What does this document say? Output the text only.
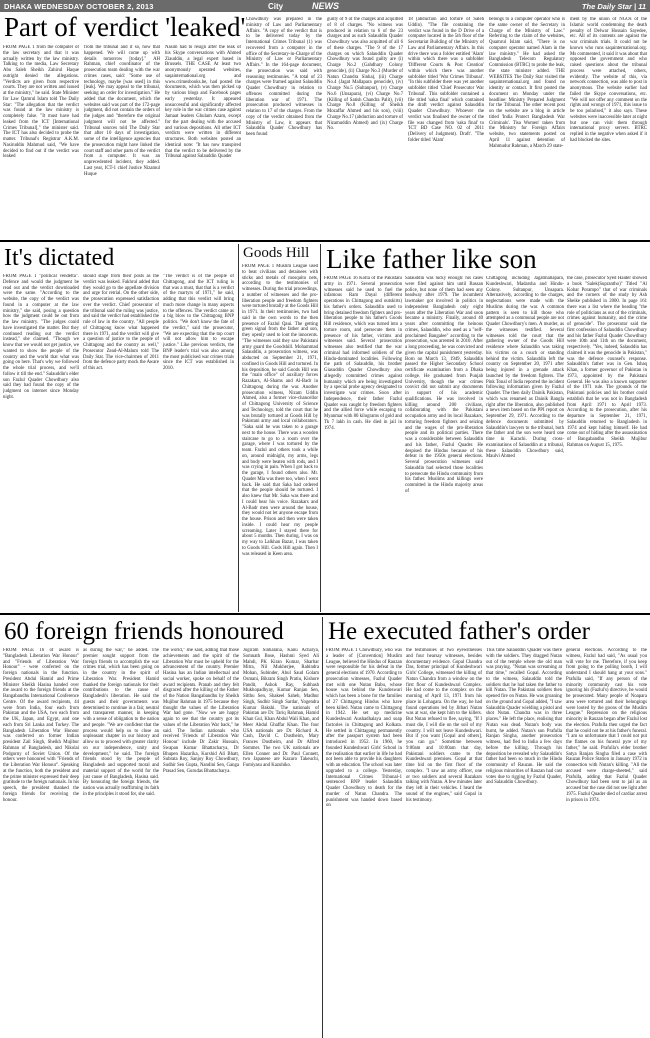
DHAKA WEDNESDAY OCTOBER 2, 2013	City	NEWS	The Daily Star | 11
Part of verdict 'leaked'
FROM PAGE 1 from the computer of the law secretary and that it was actually written by the law ministry. Talking to the media, Law Secretary Abu Saleh Sheikh Zahirul Haque outright denied the allegations. "Verdicts are given from respective courts. They are not written and issued at the ministry," he said. State Minister for Law Qamrul Islam told The Daily Star: "The allegation that the verdict was found at the law ministry is completely false. "It must have had leaked from the ICT [International Crimes Tribunal]," the minister said. The ICT has also decided to probe the matter. Tribunal's Registrar A.K.M. Nasiruddin Mahmud said, "We have decided to find out if the verdict was leaked
from the tribunal and if so, how that happened. We will come up with details tomorrow [today]." AH Rahman, chief coordinator of the prosecution team dealing with the war crimes cases, said: "Some use of technology, maybe [was used] in this [leak]. We may appeal to the tribunal, seeking an order for investigation." He added that the document, which the websites said was part of the 172-page judgment, did not contain the orders of the judges and "therefore the original judgment will not be affected." Tribunal sources told The Daily Star that after 10 days of investigation, some of the intelligence agencies that the prosecution might have linked the court staff and other parts of the verdict from a computer. It was an unprecedented incident, they added. Last year, ICT-1 chief Justice Nizamul Huque
Nasim had to resign after the leak of his Skype conversations with Ahmed Ziauddin, a legal expert based in Brussels. THE CASE At least two anonymously operated websites, saqainternational.org and www.crimesbooks.be, had posted the documents, which was then picked up by various blogs and Facebook pages early yesterday. It appeared unsuccessful and significantly affected key role in the war crimes case against Jamaat leaders Ghulam Azam, except for the part dealing with the accused and various depositions. All other ICT verdicts were written in different structures. Both websites posted an identical note: "It has now transpired that the verdict to be delivered by the Tribunal against Salauddin Quader
Chowdhury was prepared in the ministry of Law and Parliamentary Affairs. "A copy of the verdict that is to be delivered today by the International Crimes Tribunal (1) was recovered from a computer in the office of the Secretary-in-Charge of the Ministry of Law or Parliamentary Affairs." In the 164-page document, the prosecution was said with reasoning testimonies. "A total of 23 charges were framed against Salauddin Quader Chowdhury in relation to offences committed during the liberation war of 1971. The prosecution produced witnesses in relation to 17 of the charges. From the copy of the verdict obtained from the Ministry of Law, it appears that Salauddin Quader Chowdhury has been found
guilty of 9 of the charges and acquitted of 8 of charges. "No witness was produced in relation to 6 of the 23 charges and as such Salauddin Quader Chowdhury was also acquitted of all 6 of these charges. "The 9 of the 17 charges on which Salauddin Quader Chowdhury was found guilty are (i) Charge No.2 (Gahdhary Colony genocide), (ii) Charge No.3 (Murder of Natun Chandra Sinha), (iii) Charge No.4 (Jagat Mallapara genocide), (iv) Charge No.5 (Sultanpur), (v) Charge No.6 (Unsapara), (vi) Charge No.7 (Killing of Satish Chandra Palit), (vii) Charge No.8 (Killing of Sheikh Mozaffar Ahmed and his son), (viii) Charge No.17 (abduction and torture of Nizamuddin Ahmed) and (ix) Charge No.
18 (abduction and torture of Saleh Uddin). "The file containing the verdict was found in the D Drive of a computer located in the 5th floor of the Secretariat Building of the Ministry of Law and Parliamentary Affairs. In this drive there was a folder entitled 'Alam' within which there was a subfolder 'Different Courts & Post Creation' within which there was another subfolder titled 'War Crimes Tribunal'. "In this subfolder there was yet another subfolder titled 'Chief Prosecutor War Tribunal'. This subfolder contained a file titled 'saka final' which contained the draft verdict against Salauddin Quader Chowdhury. Whoever the verdict was finalised the owner of the file was changed from 'saka final' to 'ICT BD Case NO. 02 of 2011 (Delivery of Judgment). Draft'. "The folder titled 'Alam'
belongs to a computer operator who is the same owner of the Secretary in Charge of the Ministry of Law." Referring to the claim of the websites, Quamrul Islam said, "There is no computer operator named Alam in the law ministry." He had asked the Bangladesh Telecom Regulatory Commission (BTRC) to probe the leak, the state minister added. THE WEBSITES The Daily Star visited the saqainternational.org and found no identity or contact. It first posted the document on Monday under the headline: Ministry Prepared Judgment for the Tribunal. The other recent post on the website are a blog in article titled 'India Protect Bangladesh War Criminals'. Tisa Women' taken from the Ministry for Foreign Affairs website, two statements posted on April 11 against detention of Mahmudur Rahman, a March 29 state-
ment by the union of NGOs of the Islamic world condemning the death penalty of Delwar Hossain Sayedee, etc. All of its contents are against the war criminals trials. It could not be known who runs saqainternational.org. Ms commented, it said it was about that opposed the government and who raised questions about the tribunal process were attached, others, evidently. The website of this, via network connection, was able to post in anonymous. The website earlier had failed the Skype conversations, etc. "We will not offer any comment on the rights and wrongs of 1971, this issue to be too polarised," it also says. These websites were inaccessible later at night but one can visit them through international proxy servers. BTRC replied in the negative when asked if it had blocked the sites.
It's dictated
FROM PAGE 1 "political vendetta". Defence and would the judgment be read out and the verdict downloaded were the same. "According to the website, the copy of the verdict was found in a computer at the law ministry," she said, posing a question how the judgment could be out from the law ministry. "The judges could have investigated the matter. But they continued reading out the verdict instead," she claimed. "Though we know that we would not get justice, we wanted to show the people of the country and the world that what was going on here. That's why we followed the whole trial process, and we'll follow it till the end." Salauddin's elder son Fazlul Quader Chowdhury also said they had found the copy of the judgment on internet since Monday night.
should stage from their posts as the verdict was leaked. Fakhrul added that they would go to the appellate division and urge for retrial. On the other side, the prosecution expressed satisfaction over the verdict. Chief prosecutor of the tribunal said the ruling was justice, and said the verdict had established the rule of law in the country. "All people of Chittagong know what happened there in 1971, and the verdict will give a question of justice to the people of Chittagong and the country as well," Prosecutor Zead-Al-Malum told The Daily Star. The vice-chairmen of 2011 from the defence party mock the Aware of this act.
"The verdict is of the people of Chittagong, and the ICT ruling is that was a must, that that is a verdict of the martyrs of 1971," he said, adding that this verdict will bring much more change in many aspects to the offences. The verdict came as a big blow to the Chittagong BNP politics. "We don't know the fate of the verdict," said the prosecutor, "We are expecting that the top court will not allow him to escape justice." Like previous verdicts, the BNP leader's trial was also among the most publicised war crimes trials since the ICT was established in 2010.
Goods Hill
FROM PAGE 1 Muslim League used to beat civilians and detainees with sticks and metals of mosquito nets, according to the testimonies of witnesses. During the trial proceedings, a number of witnesses and the pro-liberation people and freedom fighters were tortured brutally at the Goods Hill in 1971. In their testimonies, two had said in the own words to the then presence of Fazlul Qaui. The getting green signal from the father and son, they openly used to loot the innocents. "The witnesses said they saw Pakistani army guard the Goodshill. Mohammad Salauddin, a prosecution witness, was abducted on September 21, 1971, confined in Goods Hill and tortured. In his deposition, he said Goods Hill was the "main office" of auxiliary forces Razakars, Al-Shams and Al-Badr in Chittagong during the war. Another prosecution witness, Nizam Uddin Ahmed, also a former vice-chancellor of Chittagong University of Science and Technology, told the court that he was brutally tortured at Goods Hill by Pakistani army and local collaborators. "Saka said he was taken to a garage next to the house. There was a wooden staircase to go to a room over the garage, where I was tortured by the team. Fazlul and others took a while on, around midnight, my arms, legs and body were beaten with rods, and I was crying in pain. When I got back to the garage, I found others also. Mr. Quader Mia was there too, when I went back. He said that Saka had ordered that the people should be tortured. I also knew that Mr. Saka was there and I could hear his voice. Razakars and Al-Badr men were around the house, they would not let anyone escape from the house. Prison and then were taken inside. I could hear my people screaming. Later I stayed there for about 5 months. Then during, I was on my way to Lalkhan Bazar, I was taken to Goods Hill. Gods Hill again. Then I was released in Keen area.
Like father like son
FROM PAGE 16 Kotla of the Pakistani army in 1971. Several prosecution witnesses said he used to fuel the infamous Ram Dayal (different operations in Chittagong and outskirts) his father's orders. Salauddin used to bring detained freedom fighters and pro-liberation people to his father's Goods Hill residence, which was turned into a torture room, and persecute them in presence of his father, victims and witnesses said. Several prosecution witnesses also testified that the war criminal had informed soldiers of the Hindu-dominated localities. Following the path of Salauddin, his brother Giasuddin Quader Chowdhury also allegedly committed crimes against humanity which are being investigated by a special probe agency designated to investigate war crimes. Soon after Independence, their father Fazlul Quader was caught by freedom fighters and the allied force while escaping to Myanmar with 80 kilograms of gold and Tk 7 lakh in cash. He died in jail in 1974.
Salauddin was lucky enough: his cases were filed against him until Bassan police, but none of them had seen any headway after 1979. The incumbent lawmaker got involved in politics in independent Bangladesh only eight years after the Liberation War and soon became a ministry. Finally, around 40 years after committing the heinous crimes, Salauddin, who used as a "self-proclaimed Bangalee" according to the prosecution, was arrested in 2010. After a long proceeding, he was convicted and given the capital punishment yesterday. Born on March 13, 1949, Salauddin passed the Higher Secondary School certificate examination from a Dhaka college. He graduated from Punjab University, though the war crimes convict did not submit any documents in support of his academic qualifications. He was involved in killing around 200 civilians, collaborating with the Pakistani occupation army and its local Razakars, torturing freedom fighters and seizing and the wages of the pro-liberation people and its political parties. There was a considerable between Salauddin and his father, Fazlul Quader. He despised the Hindus because of his defeat in the 1950s general elections. Several prosecution witnesses said Salauddin had selected those localities to persecute the Hindu community from his father. Muslims and killings were committed in the Hindu majority areas of
Chittagong including Jagatmallapara, Kundeshwari, Madarsha and Hindu-Colony. Sultanpur, Unsapara. Alternatively, according to the charges, neglectations were made with the Muslims during the war. A common pattern is seen to kill those who attempted as a communal people are not Quader Chowdhury's men. A murder, as the witnesses testified. Several witnesses told the court that the gathering owner of the Goods Hill residence where Salauddin was taking his victims on a couch or standing behind the victim. Salauddin left the country on September 20, 1971 after being injured in a grenade attack launched by the freedom fighters. The Pink Tonal of India reported the incident following information given by Fazlul Quader. The then daily Dainik Pakistan, which was renamed as Dainik Bangla right after the liberation, also published a news item based on the PPI report on September 29, 1971. According to the defence documents submitted by Salauddin's lawyers to the tribunal, both the father and the son were heard one time in Karachi. During cross-examinations of Salauddin at a tribunal, these Salauddin Chowdhury said, Maulvi Ahmed
the case, prosecutor Syed Haider showed a book "Salek(Suprantho)" Titled "Al Kobar Porampo" that of war criminals and the corners of the study by Ash Sheike published in 2000. In page 161 there was a list where the heading "the role of politicians as out of the criminals, crimes against humanity, and the crime of genocide". The prosecutor said the first confession of Salauddin Chowdhury and his father Fazlul Quader Chowdhury were 10th and 11th on the document, respectively. "Yes, indeed, Salauddin has claimed it was the genocide in Pakistan," was the defence counsel's response. Salauddin's father was in Gen. Ishaq Khan, a former governor of Pakistan in 1973, appointed by the Pakistani General. He was also a known supporter of the 1971 rule. The grounds of the Pakistani policies and his brother could establish that he was not in Bangladesh from April 1971 to April 1973. According to the prosecution, after his departure in September 21, 1971, Salauddin returned to Bangladesh in 1974 and kept hiding himself. He had come out of hiding after the assassination of Bangabandhu Sheikh Mujibur Rahman on August 15, 1975.
60 foreign friends honoured
FROM PAGE 16 of award is "Bangladesh Liberation War Honour" and "Friends of Liberation War Honour" - were conferred on the foreign nationals in the function. President Abdul Hamid and Prime Minister Sheikh Hasina handed over the award to the foreign friends at the Bangabandhu International Conference Centre. Of the award recipients, 44 were from India, four each from Pakistan and the USA, two each from the UK, Japan, and Egypt, and one each from Sri Lanka and Turkey. The Bangladesh Liberation War Honour was conferred on former Indian president Zail Singh, Sheikh Mujibur Rahman of Bangladesh, and Nikolai Podgorny of Soviet Union. Of the others were honoured with "Friends of the Liberation War Honour". Speaking at the function, both the president and the prime minister expressed their deep gratitude to the foreign nationals. In his speech, the president thanked the foreign friends for receiving the honour.
as during the war," he added. The premier sought support from the foreign friends to accomplish the war crimes trial, which has been going on in the country in the spirit of Liberation War. President Hamid thanked the foreign nationals for their contributions to the cause of Bangladesh's liberation. He said the guests and their governments was determined to continue in a fair, neutral and transparent manner, in keeping with a sense of obligation to the nation and people. "We are confident that the process would help us to close an unpleasant chapter in our history and allow us to proceed with greater clarity on our independence, unity and development," he said. The foreign friends stood by the people of Bangladesh and supported moral and material support of the world for the just cause of Bangladesh, Hasina said. By honouring the foreign friends, the nation was actually reaffirming its faith in the principles it stood for, she said.
the world," she said, adding that those achievements and the spirit of the Liberation War must be upheld for the advancement of the country. Premier Hasina has an Indian intellectual and social worker, spoke on behalf of the award recipients. Pranab and they felt disgraced after the killing of the Father of the Nation Bangabandhu by Sheikh Mujibur Rahman in 1975 because they thought the values of the Liberation War had gone. "Now we are happy again to see that the country got its values of the Liberation War back," he said. The Indian nationals who received 'Friends of Liberation War Honour' include Dr Zakir Hussain, Swapan Kumar Bhattacharya, Dr Bhupen Hazarika, Kurshid Ali Bhatt, Subrata Roy, Sanjoy Roy Chowdhury, Sudhir Sen Gupta, Nandini Sen, Ganga Prasad Sen, Gurudas Bhattacharya.
Jogiram Sinharana, Kanu Acharya, Somnath Bose, Hashmi Syed Ali Mahdi, PK Kiran Kumar, Sharbar Mitra, Nil Mukherjee, Rabindra Mohan, Subinder, Abul Saud Golam Osmani, Bikram Singh Pratiu, Kishore Pandit, Ashok Ray, Subhash Mukhopadhyay, Kumar Ranjan Sen, Sitthu Sen, Shakeel Saheb, Madhur Singh, Sudhir Singh Sardar, Yogendra Kumar Bakshi. The nationals of Pakistan are Dr. Tariq Rahman, Hamid Khan Gul, Khan Abdul Wali Khan, and Meer Abdul Ghaffar Khan. The four USA nationals are Dr. Richard A. Cash, David C. Dustheim, Mary Frances Dustheim, and Dr Alfred Sommer. The two UK nationals are Ellen Conner and Dr. Paul Connett, two Japanese are Kazuro Takeuchi, Fumiyasu and Kazuhiko.
He executed father's order
FROM PAGE 1 Chowdhury, who was a leader of [Convention] Muslim League, believed the Hindus of Rauzan were responsible for his defeat in the general elections of 1970. According to prosecution witnesses, Fazlul Quader met with one Nutan Babu, whose house was behind the Kundeswari which has been a bone for the families of 27 Chittagong Hindus who have been killed. Nutan came to Chittagong in 1942. He set up medicine Kundeshwari Aushadhalaya and soap factories in Chittagong and Kolkata. He settled in Chittagong permanently after the passport system had been introduced in 1952. In 1960, he founded Kundeshwari Girls' School in the realisation that earlier in life he had not been able to provide his daughters with an education. The school was later upgraded to a college. Yesterday, International Crimes Tribunal-1 sentenced BNP leader Salauddin Quader Chowdhury to death for the murder of Natun Chandra. The punishment was handed down based on
the testimonies of two eyewitnesses and four hearsay witnesses, besides documentary evidence. Gopal Chandra Das, former principal of Kundeshwari Girls' College, witnessed the killing of Natun Chandra from a window on the first floor of Kundeshwari Complex. He had come to the complex on the morning of April 13, 1971 from his place in Lohagara. On the way, he had found operations led by Jitbari Nutan was at war, she kept him to the killers. But Nutan refused to flee, saying, "If I must die, I will die on the soil of my country. I will not leave Kundeshwari. But if you want [Gopal and others], you can go." Sometime between 9:00am and 10:00am that day, Pakistani soldiers came to the Kundeshwari premises. Gopal at that time hid on the first floor of the complex. "I saw an army officer, one or two soldiers and several Razakars talking with Nutan. A few minutes later they left in their vehicles. I heard the sound of the engines," said Gopal in his testimony.
This time Salauddin Quader was there with the soldiers. They dragged Nutan out of the temple where the old man was praying. "Nutan was screaming at that time," recalled Gopal. According to the witness, Salauddin told the soldiers that he had taken the father to kill Nutan. The Pakistani soldiers then opened fire on Nutan. He was groaning on the ground and Gopal added, "I saw Salauddin Quader wielding a pistol and shot Nutan. Chandra was in three places." He left the place, realising that Nutan was dead. Nutan's body was burnt, he added. Nutan's son Prafulla Ranjan Singha, another prosecution witness, had fled to India a few days before the killing. Through his deposition he revealed why Salauddin's father had been so much in the Hindu community of Rauzan. He said the religious minorities of Rauzan had cast votes due to rigging by Fazlul Quader, and Salauddin Chowdhury.
general elections. According to the witness, Fazlul had said, "As usual you will vote for me. Therefore, if you keep from going to the polling booth, I will understand I should hang at your sons." Prafulla said, "If any person of the minority community cast his vote ignoring his (Fazlul's) directive, he would be prosecuted. Many people of Noapara area were tortured and their belongings were looted by the goons of the Muslim League." Repression on the religious minority in Rauzan began after Fazlul lost the election. Prafulla then urged the fact that he could not be at his father's funeral. "I am so unfortunate that I could not put the flames on his funeral pyre of my father," he said. Prafulla's elder brother Satya Ranjan Singha filed a case with Rauzan Police Station in January 1972 in connection with Nutan's killing. "All the accused were charge-sheeted," said Prafulla, adding that Fazlul Quader Chowdhury had been sent to jail as an accused but the case did not see light after 1975. Fazlul Quader died of cardiac arrest in prison in 1974.
